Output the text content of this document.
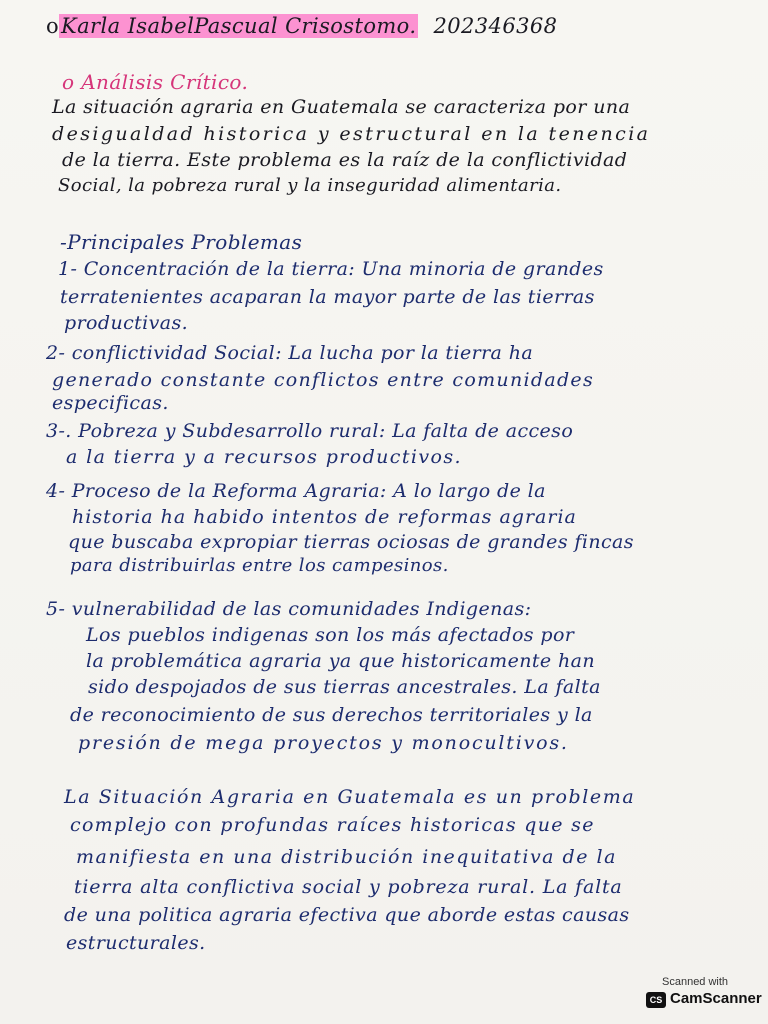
oKarla IsabelPascual Crisostomo. 202346368
o Análisis Crítico.
La situación agraria en Guatemala se caracteriza por una
desigualdad historica y estructural en la tenencia
de la tierra. Este problema es la raíz de la conflictividad
Social, la pobreza rural y la inseguridad alimentaria.
-Principales Problemas
1- Concentración de la tierra: Una minoria de grandes
terratenientes acaparan la mayor parte de las tierras
productivas.
2- conflictividad Social: La lucha por la tierra ha
generado constante conflictos entre comunidades
especificas.
3-. Pobreza y Subdesarrollo rural: La falta de acceso
a la tierra y a recursos productivos.
4- Proceso de la Reforma Agraria: A lo largo de la
historia ha habido intentos de reformas agraria
que buscaba expropiar tierras ociosas de grandes fincas
para distribuirlas entre los campesinos.
5- vulnerabilidad de las comunidades Indigenas:
Los pueblos indigenas son los más afectados por
la problemática agraria ya que historicamente han
sido despojados de sus tierras ancestrales. La falta
de reconocimiento de sus derechos territoriales y la
presión de mega proyectos y monocultivos.
La Situación Agraria en Guatemala es un problema
complejo con profundas raíces historicas que se
manifiesta en una distribución inequitativa de la
tierra alta conflictiva social y pobreza rural. La falta
de una politica agraria efectiva que aborde estas causas
estructurales.
Scanned with
CS CamScanner
